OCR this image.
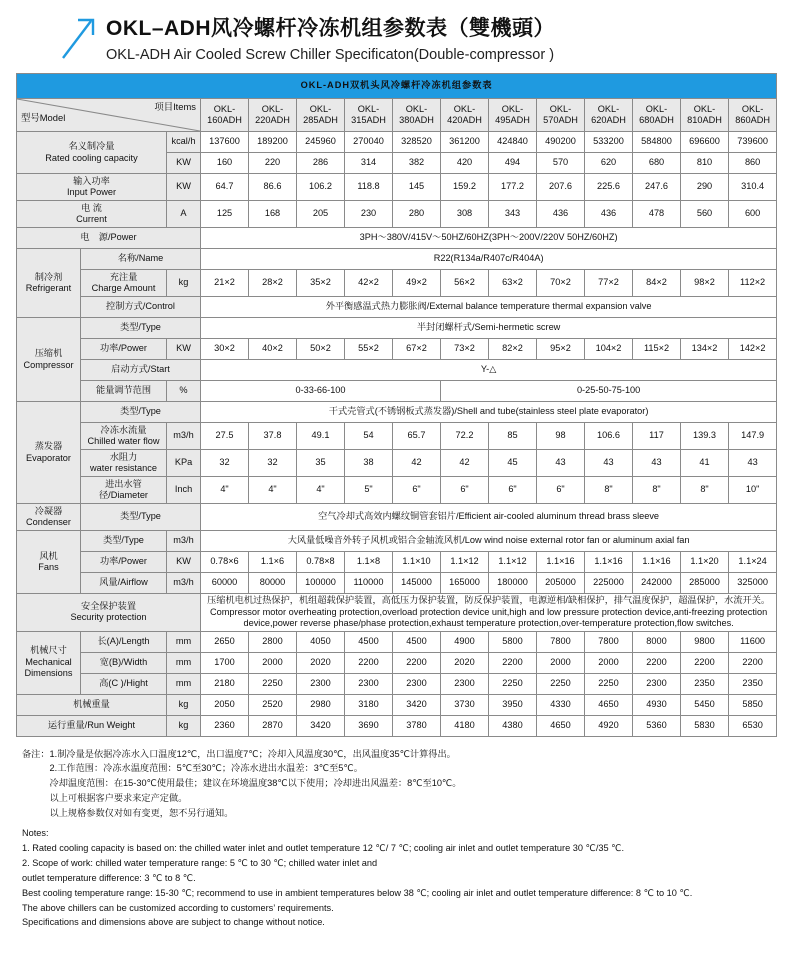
OKL–ADH风冷螺杆冷冻机组参数表（雙機頭）
OKL-ADH Air Cooled Screw Chiller Specificaton(Double-compressor )
OKL-ADH双机头风冷螺杆冷冻机组参数表														

型号Model
项目Items			OKL-160ADH	OKL-220ADH	OKL-285ADH	OKL-315ADH	OKL-380ADH	OKL-420ADH	OKL-495ADH	OKL-570ADH	OKL-620ADH	OKL-680ADH	OKL-810ADH	OKL-860ADH

名义制冷量
Rated cooling capacity		kcal/h	137600	189200	245960	270040	328520	361200	424840	490200	533200	584800	696600	739600
		KW	160	220	286	314	382	420	494	570	620	680	810	860

输入功率
Input Power		KW	64.7	86.6	106.2	118.8	145	159.2	177.2	207.6	225.6	247.6	290	310.4

电 流
Current		A	125	168	205	230	280	308	343	436	436	478	560	600
电　源/Power			3PH～380V/415V～50HZ/60HZ(3PH～200V/220V 50HZ/60HZ)											

制冷剂
Refrigerant	名称/Name		R22(R134a/R407c/R404A)											

	充注量
Charge Amount	kg	21×2	28×2	35×2	42×2	49×2	56×2	63×2	70×2	77×2	84×2	98×2	112×2
	控制方式/Control		外平衡感温式热力膨胀阀/External balance temperature thermal expansion valve											

压缩机
Compressor	类型/Type		半封闭螺杆式/Semi-hermetic screw											
	功率/Power	KW	30×2	40×2	50×2	55×2	67×2	73×2	82×2	95×2	104×2	115×2	134×2	142×2
	启动方式/Start		Y-△											
	能量调节范围	%	0-33-66-100					0-25-50-75-100						

蒸发器
Evaporator	类型/Type		干式壳管式(不锈钢板式蒸发器)/Shell and tube(stainless steel plate evaporator)											

	冷冻水流量
Chilled water flow	m3/h	27.5	37.8	49.1	54	65.7	72.2	85	98	106.6	117	139.3	147.9

	水阻力
water resistance	KPa	32	32	35	38	42	42	45	43	43	43	41	43
	进出水管径/Diameter	Inch	4"	4"	4"	5"	6"	6"	6"	6"	8"	8"	8"	10"

冷凝器
Condenser	类型/Type		空气冷却式高效内螺纹铜管套铝片/Efficient air-cooled aluminum thread brass sleeve											

风机
Fans	类型/Type	m3/h	大风量低噪音外转子风机或铝合金轴流风机/Low wind noise external rotor fan or aluminum axial fan											
	功率/Power	KW	0.78×6	1.1×6	0.78×8	1.1×8	1.1×10	1.1×12	1.1×12	1.1×16	1.1×16	1.1×16	1.1×20	1.1×24
	风量/Airflow	m3/h	60000	80000	100000	110000	145000	165000	180000	205000	225000	242000	285000	325000

安全保护装置
Security protection

压缩机电机过热保护，机组超载保护装置，高低压力保护装置，防反保护装置，电源逆相/缺相保护，排气温度保护，超温保护，水流开关。
Compressor motor overheating protection,overload protection device unit,high and low pressure protection device,anti-freezing protection device,power reverse phase/phase protection,exhaust temperature protection,over-temperature protection,flow switches.

机械尺寸
Mechanical
Dimensions	长(A)/Length	mm	2650	2800	4050	4500	4500	4900	5800	7800	7800	8000	9800	11600
	宽(B)/Width	mm	1700	2000	2020	2200	2200	2020	2200	2000	2000	2200	2200	2200
	高(C )/Hight	mm	2180	2250	2300	2300	2300	2300	2250	2250	2250	2300	2350	2350
机械重量		kg	2050	2520	2980	3180	3420	3730	3950	4330	4650	4930	5450	5850
运行重量/Run Weight		kg	2360	2870	3420	3690	3780	4180	4380	4650	4920	5360	5830	6530

备注：1.制冷量是依据冷冻水入口温度12℃，出口温度7℃；冷却入风温度30℃，出风温度35℃计算得出。

　　　2.工作范围：冷冻水温度范围：5℃至30℃；冷冻水进出水温差：3℃至5℃。

　　　冷却温度范围：在15-30℃使用最佳；建议在环境温度38℃以下使用；冷却进出风温差：8℃至10℃。

　　　以上可根据客户要求来定产定做。

　　　以上规格参数仅对如有变更，恕不另行通知。

Notes:

1. Rated cooling capacity is based on: the chilled water inlet and outlet temperature 12 ℃/ 7 ℃; cooling air inlet and outlet temperature 30 ℃/35 ℃.

2. Scope of work: chilled water temperature range: 5 ℃ to 30 ℃; chilled water inlet and

outlet temperature difference: 3 ℃ to 8 ℃.

Best cooling temperature range: 15-30 ℃; recommend to use in ambient temperatures below 38 ℃; cooling air inlet and outlet temperature difference: 8 ℃ to 10 ℃.

The above chillers can be customized according to customers’ requirements.

Specifications and dimensions above are subject to change without notice.
